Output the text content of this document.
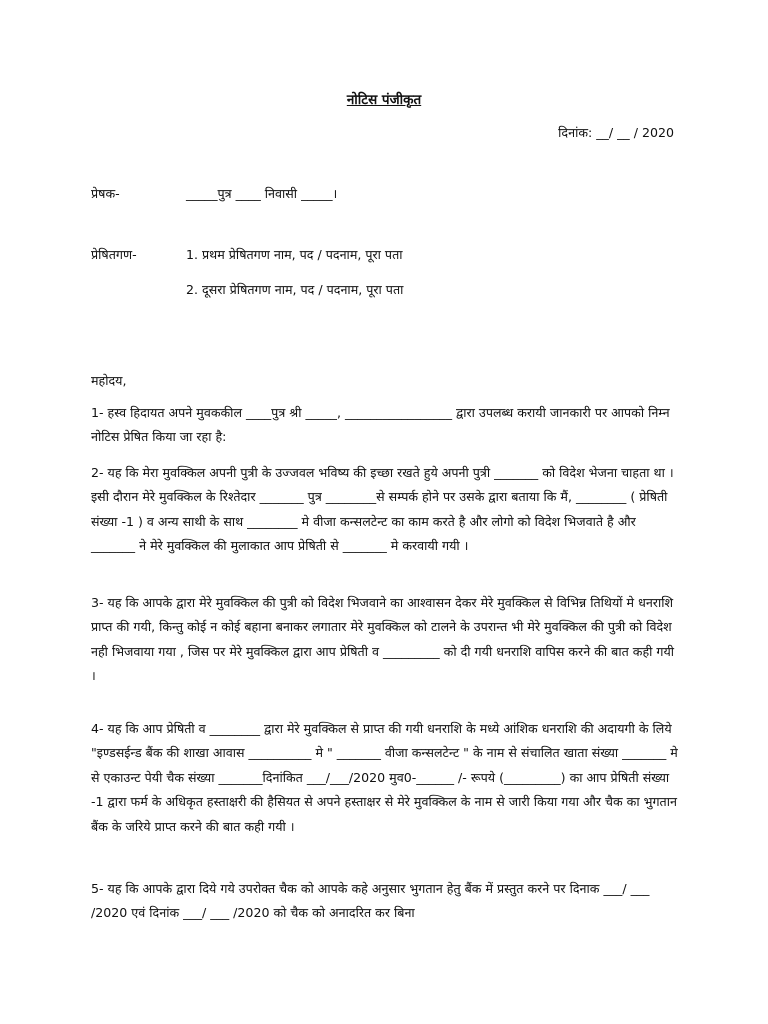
नोटिस पंजीकृत
दिनांक: __/ __ / 2020
प्रेषक-	_____पुत्र ____ निवासी _____।
प्रेषितगण-	1. प्रथम प्रेषितगण नाम, पद / पदनाम, पूरा पता
2. दूसरा प्रेषितगण नाम, पद / पदनाम, पूरा पता
महोदय,
1- हस्व हिदायत अपने मुवककील ____पुत्र श्री _____, _________________ द्वारा उपलब्ध करायी जानकारी पर आपको निम्न नोटिस प्रेषित किया जा रहा है:
2- यह कि मेरा मुवक्किल अपनी पुत्री के उज्जवल भविष्य की इच्छा रखते हुये अपनी पुत्री _______ को विदेश भेजना चाहता था । इसी दौरान मेरे मुवक्किल के रिश्तेदार _______ पुत्र ________से सम्पर्क होने पर उसके द्वारा बताया कि मैं, ________ ( प्रेषिती संख्या -1 ) व अन्य साथी के साथ ________ मे वीजा कन्सलटेन्ट का काम करते है और लोगो को विदेश भिजवाते है और _______ ने मेरे मुवक्किल की मुलाकात आप प्रेषिती से _______ मे करवायी गयी ।
3- यह कि आपके द्वारा मेरे मुवक्किल की पुत्री को विदेश भिजवाने का आश्वासन देकर मेरे मुवक्किल से विभिन्न तिथियों मे धनराशि प्राप्त की गयी, किन्तु कोई न कोई बहाना बनाकर लगातार मेरे मुवक्किल को टालने के उपरान्त भी मेरे मुवक्किल की पुत्री को विदेश नही भिजवाया गया , जिस पर मेरे मुवक्किल द्वारा आप प्रेषिती व _________ को दी गयी धनराशि वापिस करने की बात कही गयी ।
4- यह कि आप प्रेषिती व ________ द्वारा मेरे मुवक्किल से प्राप्त की गयी धनराशि के मध्ये आंशिक धनराशि की अदायगी के लिये "इण्डसईन्ड बैंक की शाखा आवास __________ मे " _______ वीजा कन्सलटेन्ट " के नाम से संचालित खाता संख्या _______ मे से एकाउन्ट पेयी चैक संख्या _______दिनांकित ___/___/2020 मुव0-______ /- रूपये (_________) का आप प्रेषिती संख्या -1 द्वारा फर्म के अधिकृत हस्ताक्षरी की हैसियत से अपने हस्ताक्षर से मेरे मुवक्किल के नाम से जारी किया गया और चैक का भुगतान बैंक के जरिये प्राप्त करने की बात कही गयी ।
5- यह कि आपके द्वारा दिये गये उपरोक्त चैक को आपके कहे अनुसार भुगतान हेतु बैंक में प्रस्तुत करने पर दिनाक ___/ ___ /2020 एवं दिनांक ___/ ___ /2020 को चैक को अनादरित कर बिना
